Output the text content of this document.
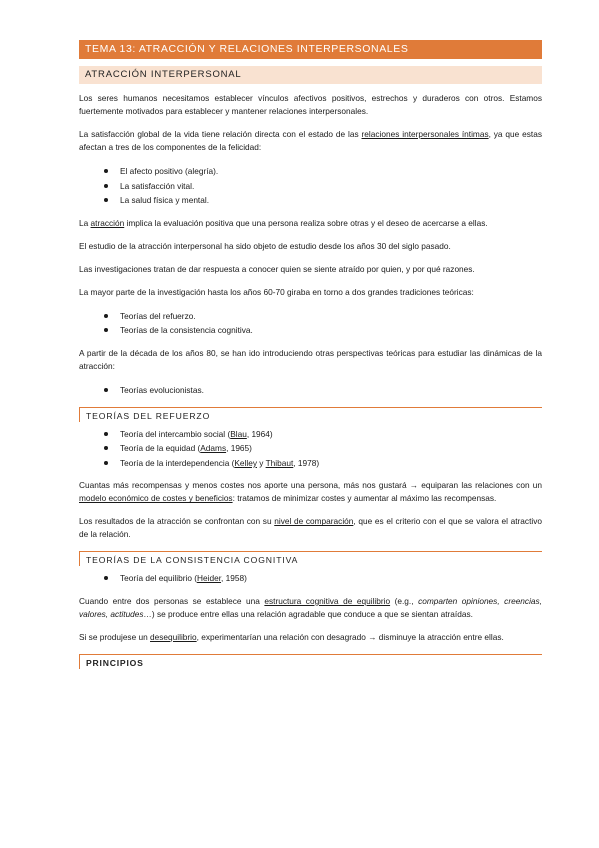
TEMA 13: ATRACCIÓN Y RELACIONES INTERPERSONALES
ATRACCIÓN INTERPERSONAL

Los seres humanos necesitamos establecer vínculos afectivos positivos, estrechos y duraderos con otros. Estamos fuertemente motivados para establecer y mantener relaciones interpersonales.

La satisfacción global de la vida tiene relación directa con el estado de las relaciones interpersonales íntimas, ya que estas afectan a tres de los componentes de la felicidad:

El afecto positivo (alegría).
La satisfacción vital.
La salud física y mental.

La atracción implica la evaluación positiva que una persona realiza sobre otras y el deseo de acercarse a ellas.

El estudio de la atracción interpersonal ha sido objeto de estudio desde los años 30 del siglo pasado.

Las investigaciones tratan de dar respuesta a conocer quien se siente atraído por quien, y por qué razones.

La mayor parte de la investigación hasta los años 60-70 giraba en torno a dos grandes tradiciones teóricas:

Teorías del refuerzo.
Teorías de la consistencia cognitiva.

A partir de la década de los años 80, se han ido introduciendo otras perspectivas teóricas para estudiar las dinámicas de la atracción:

Teorías evolucionistas.
TEORÍAS DEL REFUERZO
Teoría del intercambio social (Blau, 1964)
Teoría de la equidad (Adams, 1965)
Teoría de la interdependencia (Kelley y Thibaut, 1978)

Cuantas más recompensas y menos costes nos aporte una persona, más nos gustará → equiparan las relaciones con un modelo económico de costes y beneficios: tratamos de minimizar costes y aumentar al máximo las recompensas.

Los resultados de la atracción se confrontan con su nivel de comparación, que es el criterio con el que se valora el atractivo de la relación.

TEORÍAS DE LA CONSISTENCIA COGNITIVA
Teoría del equilibrio (Heider, 1958)

Cuando entre dos personas se establece una estructura cognitiva de equilibrio (e.g., comparten opiniones, creencias, valores, actitudes…) se produce entre ellas una relación agradable que conduce a que se sientan atraídas.

Si se produjese un desequilibrio, experimentarían una relación con desagrado → disminuye la atracción entre ellas.

PRINCIPIOS
